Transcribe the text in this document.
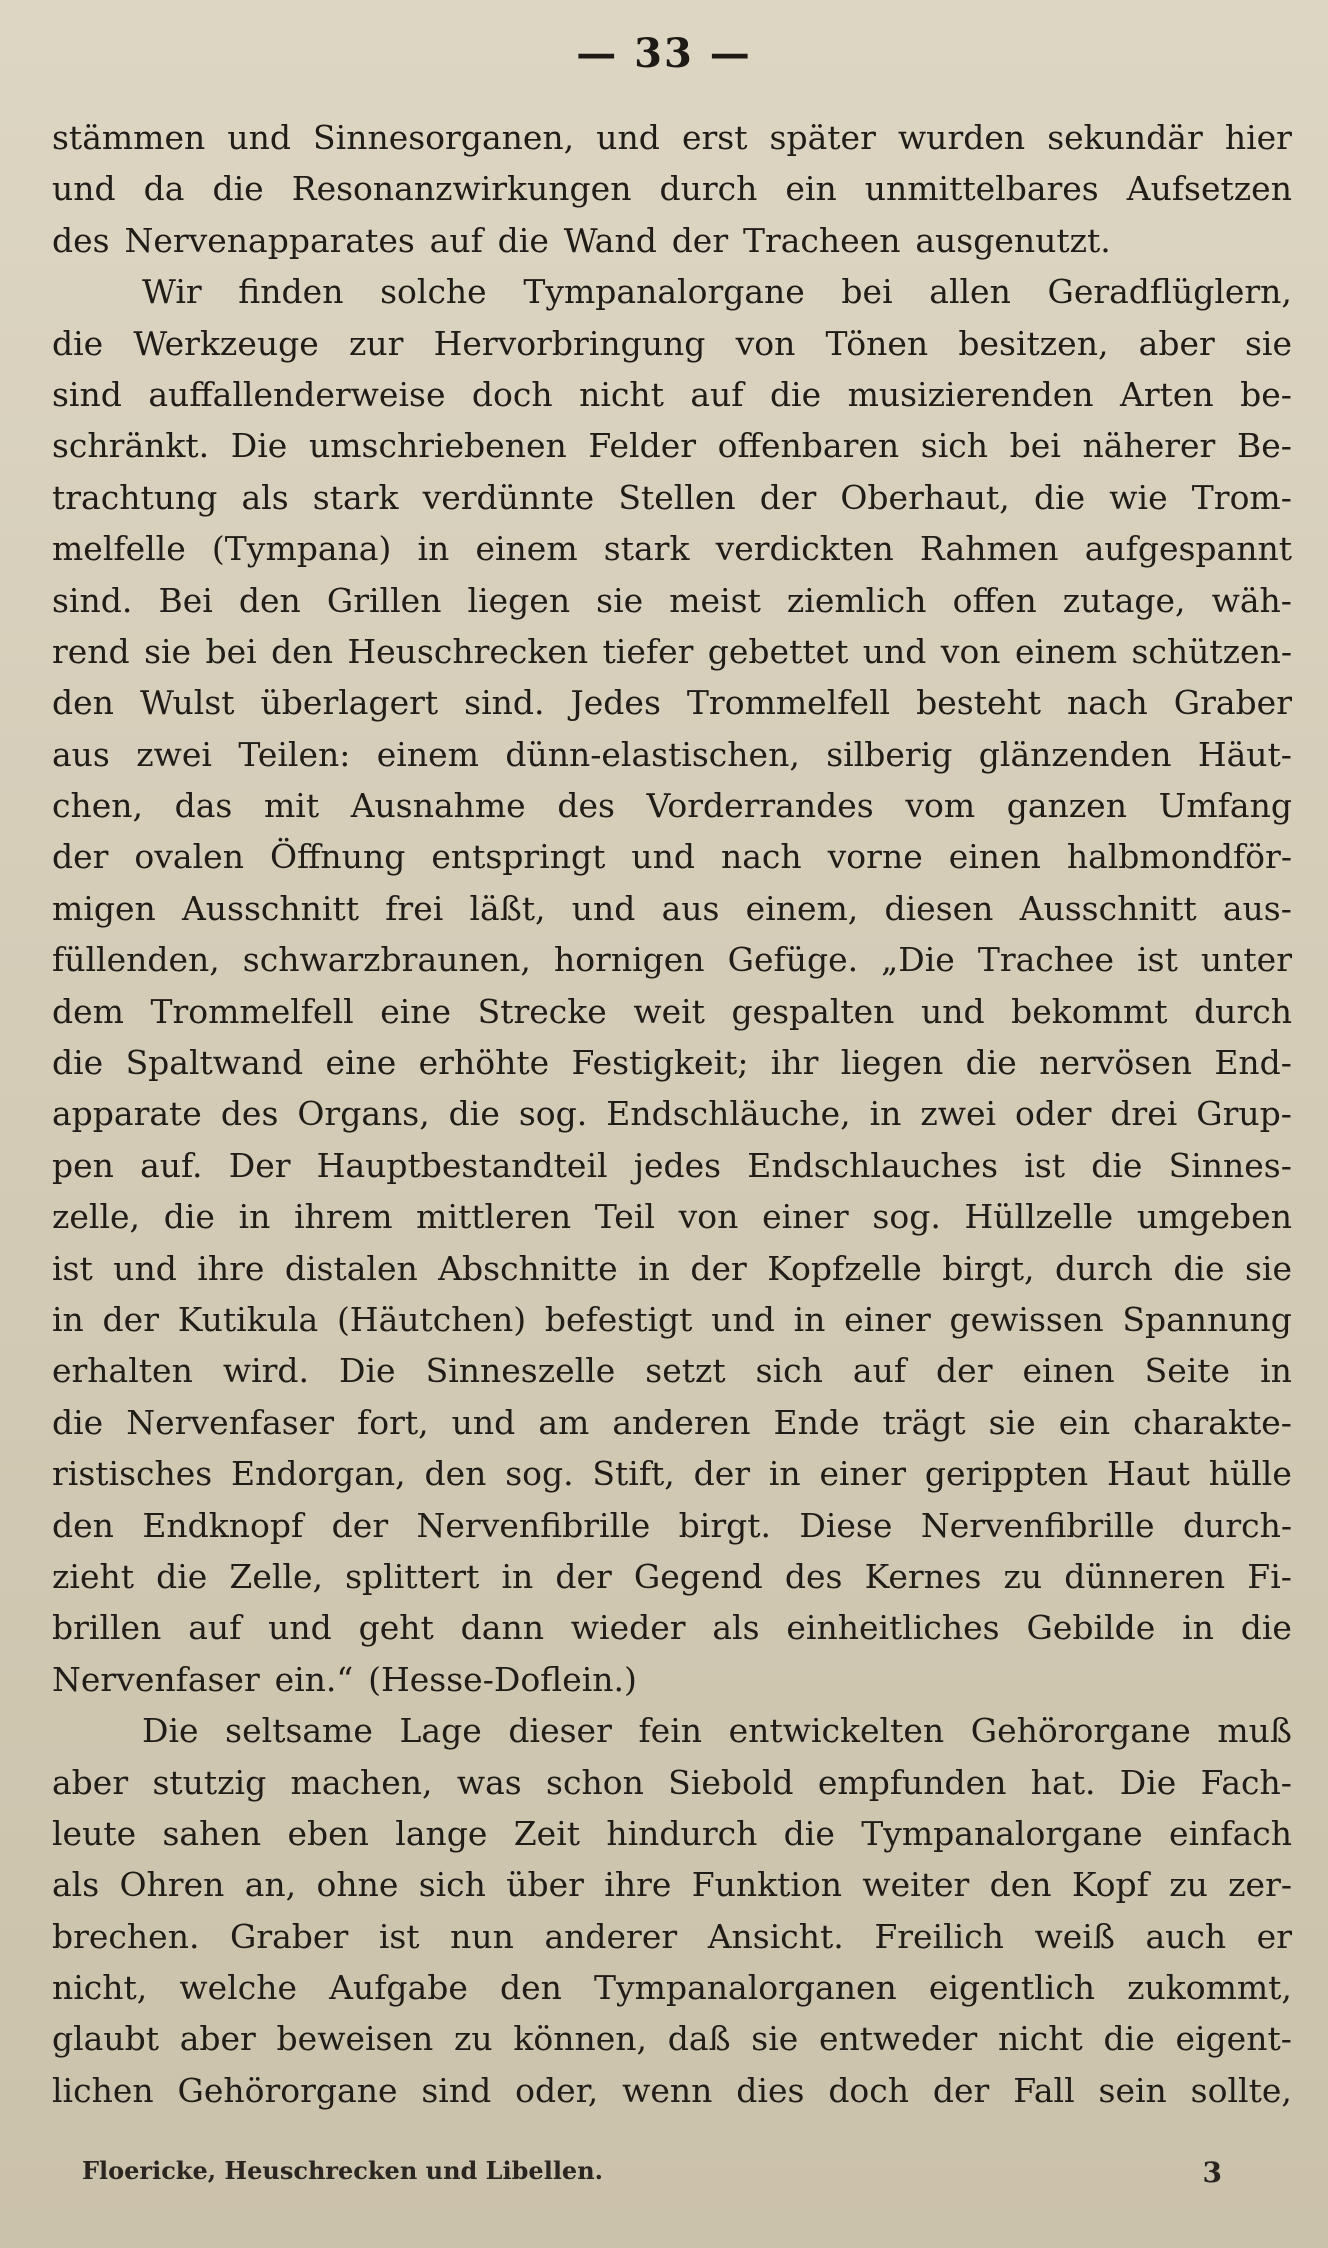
— 33 —
stämmen und Sinnesorganen, und erst später wurden sekundär hier
und da die Resonanzwirkungen durch ein unmittelbares Aufsetzen
des Nervenapparates auf die Wand der Tracheen ausgenutzt.
Wir finden solche Tympanalorgane bei allen Geradflüglern,
die Werkzeuge zur Hervorbringung von Tönen besitzen, aber sie
sind auffallenderweise doch nicht auf die musizierenden Arten be-
schränkt. Die umschriebenen Felder offenbaren sich bei näherer Be-
trachtung als stark verdünnte Stellen der Oberhaut, die wie Trom-
melfelle (Tympana) in einem stark verdickten Rahmen aufgespannt
sind. Bei den Grillen liegen sie meist ziemlich offen zutage, wäh-
rend sie bei den Heuschrecken tiefer gebettet und von einem schützen-
den Wulst überlagert sind. Jedes Trommelfell besteht nach Graber
aus zwei Teilen: einem dünn-elastischen, silberig glänzenden Häut-
chen, das mit Ausnahme des Vorderrandes vom ganzen Umfang
der ovalen Öffnung entspringt und nach vorne einen halbmondför-
migen Ausschnitt frei läßt, und aus einem, diesen Ausschnitt aus-
füllenden, schwarzbraunen, hornigen Gefüge. „Die Trachee ist unter
dem Trommelfell eine Strecke weit gespalten und bekommt durch
die Spaltwand eine erhöhte Festigkeit; ihr liegen die nervösen End-
apparate des Organs, die sog. Endschläuche, in zwei oder drei Grup-
pen auf. Der Hauptbestandteil jedes Endschlauches ist die Sinnes-
zelle, die in ihrem mittleren Teil von einer sog. Hüllzelle umgeben
ist und ihre distalen Abschnitte in der Kopfzelle birgt, durch die sie
in der Kutikula (Häutchen) befestigt und in einer gewissen Spannung
erhalten wird. Die Sinneszelle setzt sich auf der einen Seite in
die Nervenfaser fort, und am anderen Ende trägt sie ein charakte-
ristisches Endorgan, den sog. Stift, der in einer gerippten Haut hülle
den Endknopf der Nervenfibrille birgt. Diese Nervenfibrille durch-
zieht die Zelle, splittert in der Gegend des Kernes zu dünneren Fi-
brillen auf und geht dann wieder als einheitliches Gebilde in die
Nervenfaser ein.“ (Hesse-Doflein.)
Die seltsame Lage dieser fein entwickelten Gehörorgane muß
aber stutzig machen, was schon Siebold empfunden hat. Die Fach-
leute sahen eben lange Zeit hindurch die Tympanalorgane einfach
als Ohren an, ohne sich über ihre Funktion weiter den Kopf zu zer-
brechen. Graber ist nun anderer Ansicht. Freilich weiß auch er
nicht, welche Aufgabe den Tympanalorganen eigentlich zukommt,
glaubt aber beweisen zu können, daß sie entweder nicht die eigent-
lichen Gehörorgane sind oder, wenn dies doch der Fall sein sollte,
Floericke, Heuschrecken und Libellen.	3
